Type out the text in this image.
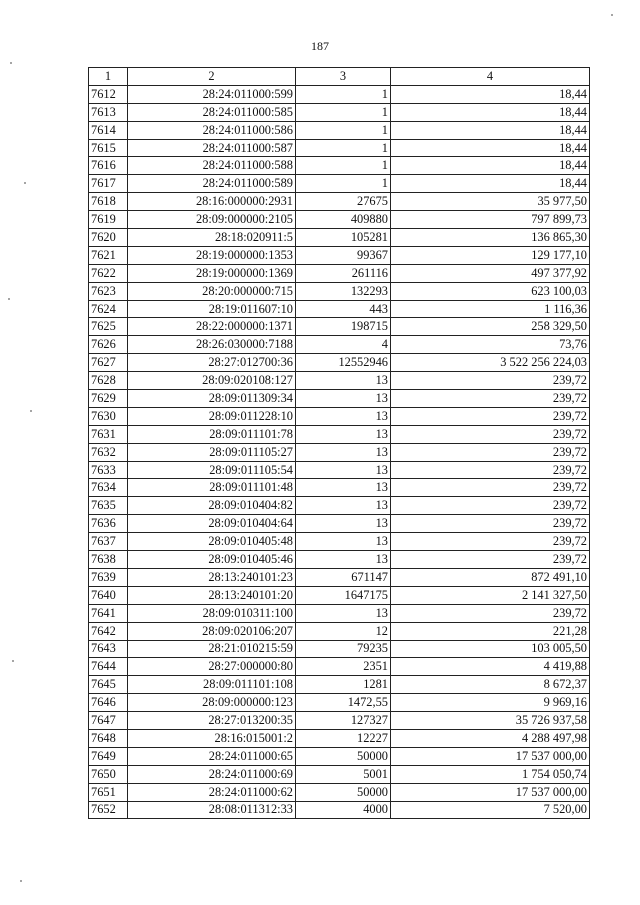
187
1	2	3	4
7612	28:24:011000:599	1	18,44
7613	28:24:011000:585	1	18,44
7614	28:24:011000:586	1	18,44
7615	28:24:011000:587	1	18,44
7616	28:24:011000:588	1	18,44
7617	28:24:011000:589	1	18,44
7618	28:16:000000:2931	27675	35 977,50
7619	28:09:000000:2105	409880	797 899,73
7620	28:18:020911:5	105281	136 865,30
7621	28:19:000000:1353	99367	129 177,10
7622	28:19:000000:1369	261116	497 377,92
7623	28:20:000000:715	132293	623 100,03
7624	28:19:011607:10	443	1 116,36
7625	28:22:000000:1371	198715	258 329,50
7626	28:26:030000:7188	4	73,76
7627	28:27:012700:36	12552946	3 522 256 224,03
7628	28:09:020108:127	13	239,72
7629	28:09:011309:34	13	239,72
7630	28:09:011228:10	13	239,72
7631	28:09:011101:78	13	239,72
7632	28:09:011105:27	13	239,72
7633	28:09:011105:54	13	239,72
7634	28:09:011101:48	13	239,72
7635	28:09:010404:82	13	239,72
7636	28:09:010404:64	13	239,72
7637	28:09:010405:48	13	239,72
7638	28:09:010405:46	13	239,72
7639	28:13:240101:23	671147	872 491,10
7640	28:13:240101:20	1647175	2 141 327,50
7641	28:09:010311:100	13	239,72
7642	28:09:020106:207	12	221,28
7643	28:21:010215:59	79235	103 005,50
7644	28:27:000000:80	2351	4 419,88
7645	28:09:011101:108	1281	8 672,37
7646	28:09:000000:123	1472,55	9 969,16
7647	28:27:013200:35	127327	35 726 937,58
7648	28:16:015001:2	12227	4 288 497,98
7649	28:24:011000:65	50000	17 537 000,00
7650	28:24:011000:69	5001	1 754 050,74
7651	28:24:011000:62	50000	17 537 000,00
7652	28:08:011312:33	4000	7 520,00
